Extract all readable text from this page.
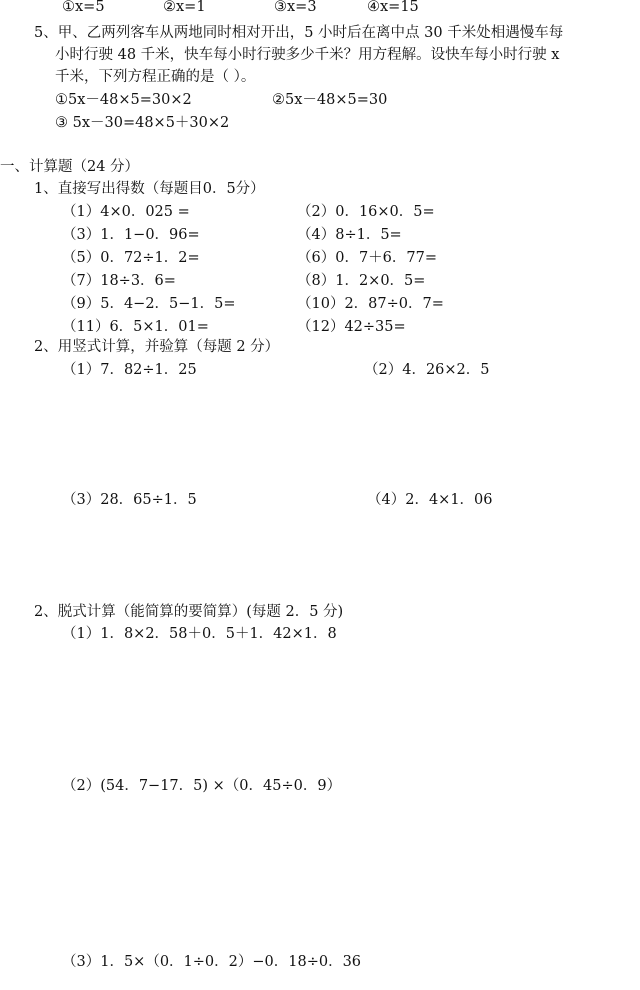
①x=5	②x=1	③x=3	④x=15
5、甲、乙两列客车从两地同时相对开出，5 小时后在离中点 30 千米处相遇慢车每
小时行驶 48 千米，快车每小时行驶多少千米？用方程解。设快车每小时行驶 x
千米，下列方程正确的是（ ）。
①5x－48×5=30×2	②5x－48×5=30
③ 5x－30=48×5＋30×2
一、计算题（24 分）
1、直接写出得数（每题目0．5分）
（1）4×0．025 =	（2）0．16×0．5=
（3）1．1−0．96=	（4）8÷1．5=
（5）0．72÷1．2=	（6）0．7＋6．77=
（7）18÷3．6=	（8）1．2×0．5=
（9）5．4−2．5−1．5=	（10）2．87÷0．7=
（11）6．5×1．01=	（12）42÷35=
2、用竖式计算，并验算（每题 2 分）
（1）7．82÷1．25	（2）4．26×2．5
（3）28．65÷1．5	（4）2．4×1．06
2、脱式计算（能简算的要简算）(每题 2．5 分)
（1）1．8×2．58＋0．5＋1．42×1．8
（2）(54．7−17．5) ×（0．45÷0．9）
（3）1．5×（0．1÷0．2）−0．18÷0．36
